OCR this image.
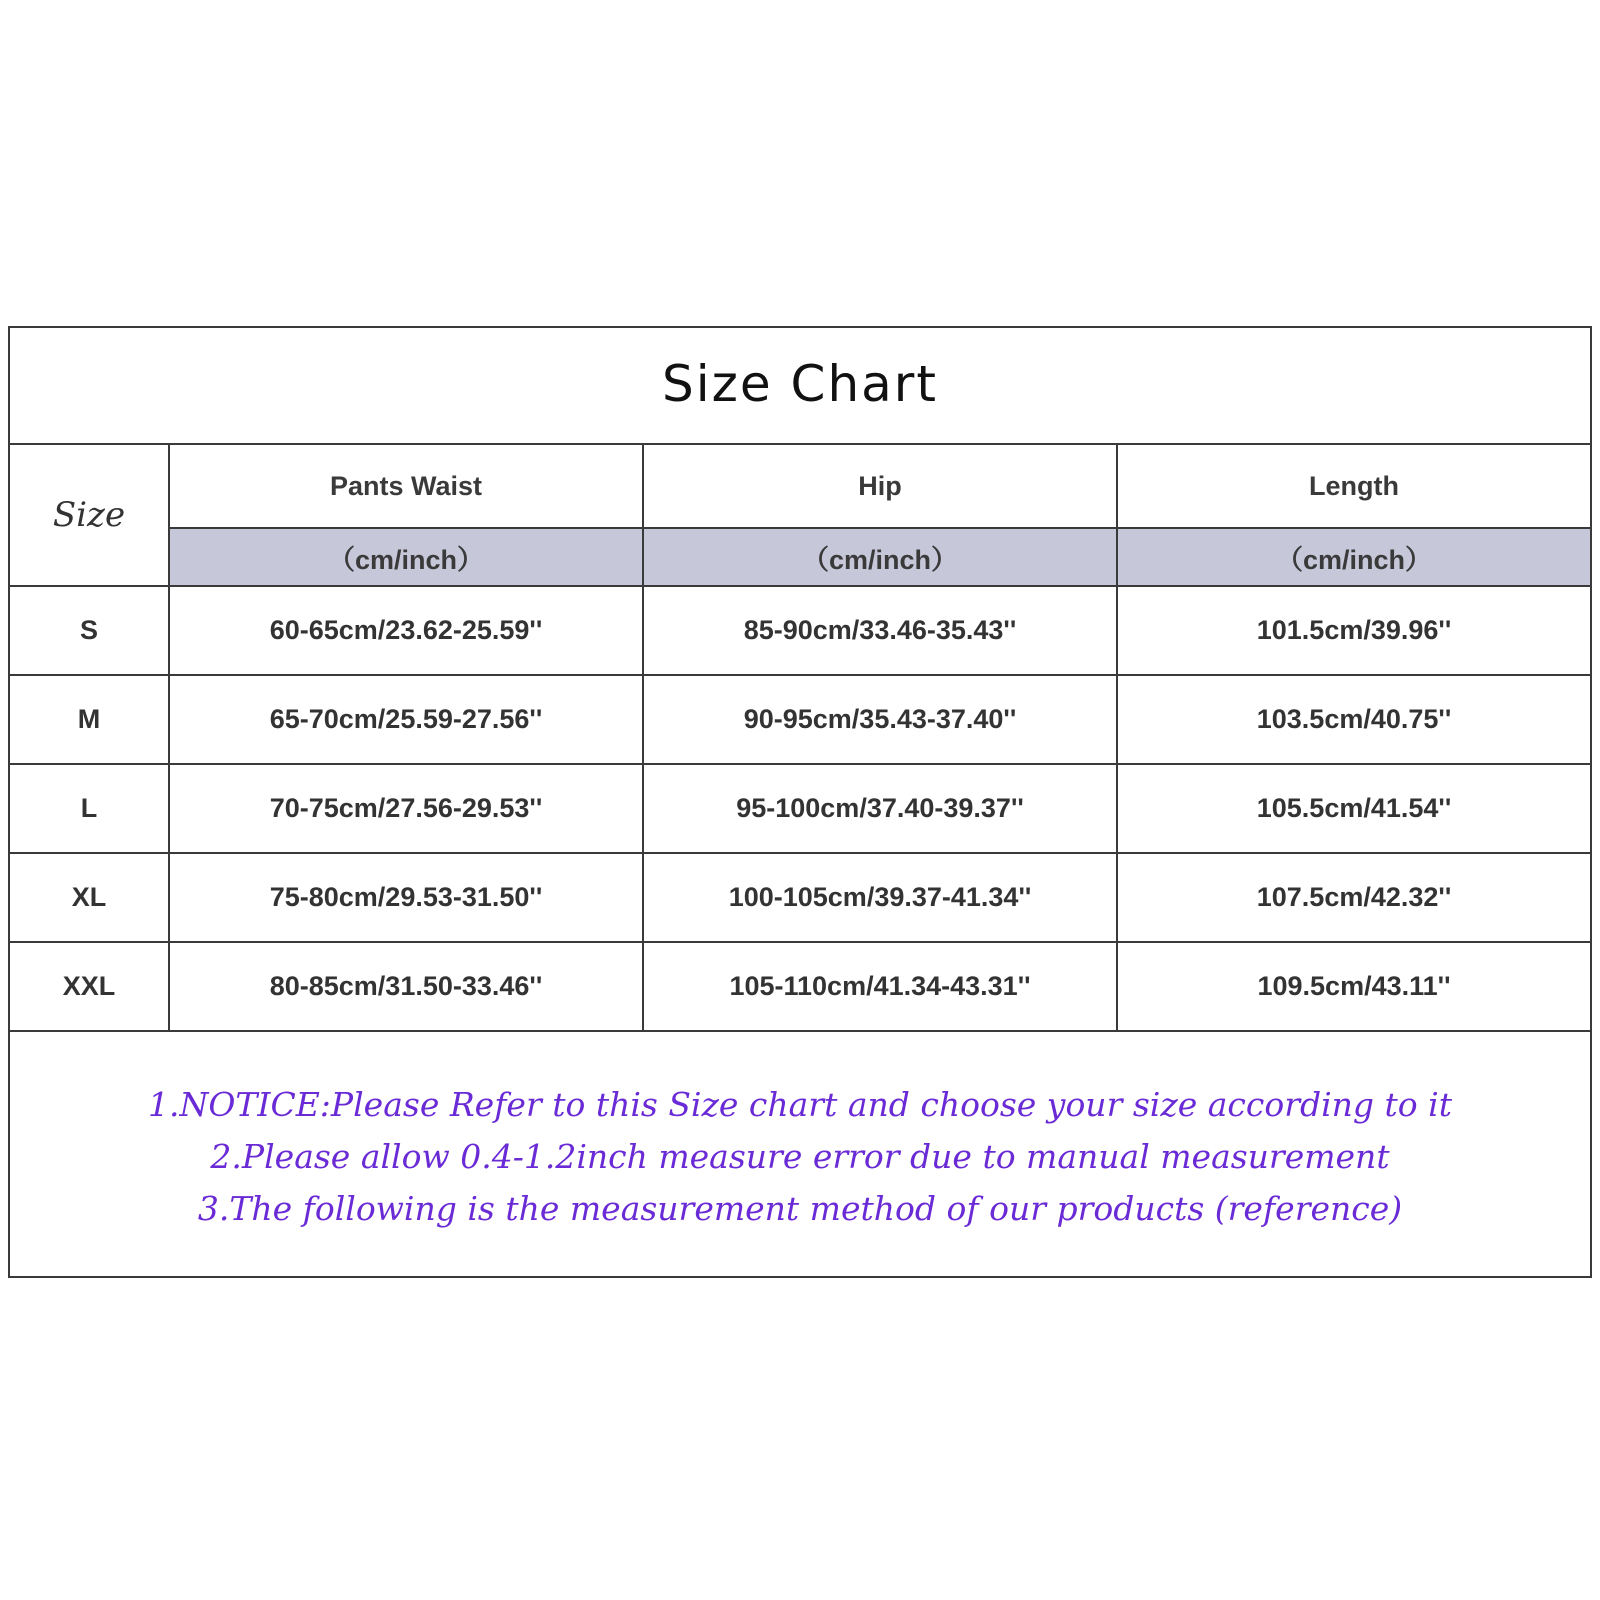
Size Chart
Size	Pants Waist	Hip	Length
	（cm/inch）	（cm/inch）	（cm/inch）
S	60-65cm/23.62-25.59''	85-90cm/33.46-35.43''	101.5cm/39.96''
M	65-70cm/25.59-27.56''	90-95cm/35.43-37.40''	103.5cm/40.75''
L	70-75cm/27.56-29.53''	95-100cm/37.40-39.37''	105.5cm/41.54''
XL	75-80cm/29.53-31.50''	100-105cm/39.37-41.34''	107.5cm/42.32''
XXL	80-85cm/31.50-33.46''	105-110cm/41.34-43.31''	109.5cm/43.11''
1.NOTICE:Please Refer to this Size chart and choose your size according to it
2.Please allow 0.4-1.2inch measure error due to manual measurement
3.The following is the measurement method of our products (reference)
